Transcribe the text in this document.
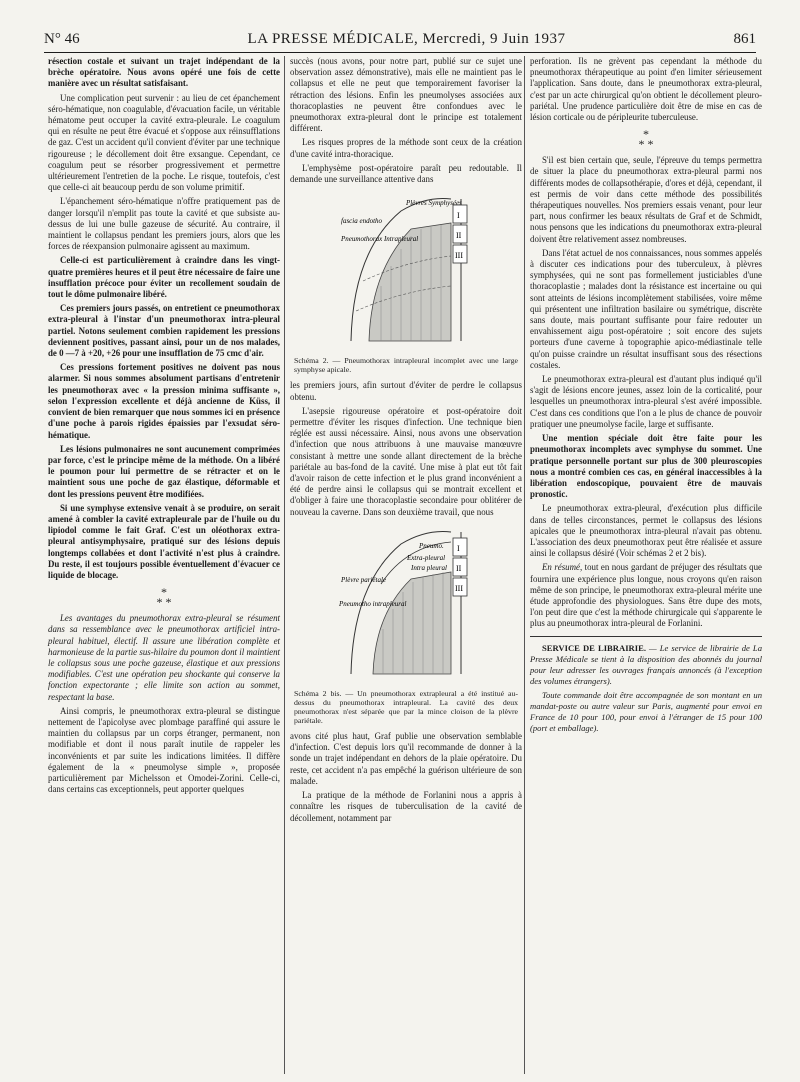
N° 46	LA PRESSE MÉDICALE, Mercredi, 9 Juin 1937	861

résection costale et suivant un trajet indépendant de la brèche opératoire. Nous avons opéré une fois de cette manière avec un résultat satisfaisant.

Une complication peut survenir : au lieu de cet épanchement séro-hématique, non coagulable, d'évacuation facile, un véritable hématome peut occuper la cavité extra-pleurale. Le coagulum qui en résulte ne peut être évacué et s'oppose aux réinsufflations de gaz. C'est un accident qu'il convient d'éviter par une technique rigoureuse ; le décollement doit être exsangue. Cependant, ce coagulum peut se résorber progressivement et permettre ultérieurement l'entretien de la poche. Le risque, toutefois, c'est que celle-ci ait beaucoup perdu de son volume primitif.

L'épanchement séro-hématique n'offre pratiquement pas de danger lorsqu'il n'emplit pas toute la cavité et que subsiste au-dessus de lui une bulle gazeuse de sécurité. Au contraire, il maintient le collapsus pendant les premiers jours, alors que les forces de réexpansion pulmonaire agissent au maximum.

Celle-ci est particulièrement à craindre dans les vingt-quatre premières heures et il peut être nécessaire de faire une insufflation précoce pour éviter un recollement soudain de tout le dôme pulmonaire libéré.

Ces premiers jours passés, on entretient ce pneumothorax extra-pleural à l'instar d'un pneumothorax intra-pleural partiel. Notons seulement combien rapidement les pressions deviennent positives, passant ainsi, pour un de nos malades, de 0 —7 à +20, +26 pour une insufflation de 75 cmc d'air.

Ces pressions fortement positives ne doivent pas nous alarmer. Si nous sommes absolument partisans d'entretenir les pneumothorax avec « la pression minima suffisante », selon l'expression excellente et déjà ancienne de Küss, il convient de bien remarquer que nous sommes ici en présence d'une poche à parois rigides épaissies par l'exsudat séro-hématique.

Les lésions pulmonaires ne sont aucunement comprimées par force, c'est le principe même de la méthode. On a libéré le poumon pour lui permettre de se rétracter et on le maintient sous une poche de gaz élastique, déformable et dont les pressions peuvent être modifiées.

Si une symphyse extensive venait à se produire, on serait amené à combler la cavité extrapleurale par de l'huile ou du lipiodol comme le fait Graf. C'est un oléothorax extra-pleural antisymphysaire, pratiqué sur des lésions depuis longtemps collabées et dont l'activité n'est plus à craindre. Du reste, il est toujours possible éventuellement d'évacuer ce liquide de blocage.

*
* *

Les avantages du pneumothorax extra-pleural se résument dans sa ressemblance avec le pneumothorax artificiel intra-pleural habituel, électif. Il assure une libération complète et harmonieuse de la partie sus-hilaire du poumon dont il maintient le collapsus sous une poche gazeuse, élastique et aux pressions modifiables. C'est une opération peu shockante qui conserve la fonction expectorante ; elle limite son action au sommet, respectant la base.

Ainsi compris, le pneumothorax extra-pleural se distingue nettement de l'apicolyse avec plombage paraffiné qui assure le maintien du collapsus par un corps étranger, permanent, non modifiable et dont il nous paraît inutile de rappeler les inconvénients et par suite les indications limitées. Il diffère également de la « pneumolyse simple », proposée particulièrement par Michelsson et Omodei-Zorini. Celle-ci, dans certains cas exceptionnels, peut apporter quelques

succès (nous avons, pour notre part, publié sur ce sujet une observation assez démonstrative), mais elle ne maintient pas le collapsus et elle ne peut que temporairement favoriser la rétraction des lésions. Enfin les pneumolyses associées aux thoracoplasties ne peuvent être confondues avec le pneumothorax extra-pleural dont le principe est totalement différent.

Les risques propres de la méthode sont ceux de la création d'une cavité intra-thoracique.

L'emphysème post-opératoire paraît peu redoutable. Il demande une surveillance attentive dans

I
II
III
Plèvres Symphysées
fascia endotho
Pneumothorax Intrapleural
Schéma 2. — Pneumothorax intrapleural incomplet avec une large symphyse apicale.

les premiers jours, afin surtout d'éviter de perdre le collapsus obtenu.

L'asepsie rigoureuse opératoire et post-opératoire doit permettre d'éviter les risques d'infection. Une technique bien réglée est aussi nécessaire. Ainsi, nous avons une observation d'infection que nous attribuons à une mauvaise manœuvre consistant à mettre une sonde allant directement de la brèche pariétale au bas-fond de la cavité. Une mise à plat eut tôt fait d'avoir raison de cette infection et le plus grand inconvénient a été de perdre ainsi le collapsus qui se montrait excellent et d'obliger à faire une thoracoplastie secondaire pour oblitérer de nouveau la caverne. Dans son deuxième travail, que nous

I
II
III
Pneumo.
Extra-pleural
Intra pleural
Plèvre pariétale
Pneumotho intrapleural
Schéma 2 bis. — Un pneumothorax extrapleural a été institué au-dessus du pneumothorax intrapleural. La cavité des deux pneumothorax n'est séparée que par la mince cloison de la plèvre pariétale.

avons cité plus haut, Graf publie une observation semblable d'infection. C'est depuis lors qu'il recommande de donner à la sonde un trajet indépendant en dehors de la plaie opératoire. Du reste, cet accident n'a pas empêché la guérison ultérieure de son malade.

La pratique de la méthode de Forlanini nous a appris à connaître les risques de tuberculisation de la cavité de décollement, notamment par

perforation. Ils ne grèvent pas cependant la méthode du pneumothorax thérapeutique au point d'en limiter sérieusement l'application. Sans doute, dans le pneumothorax extra-pleural, c'est par un acte chirurgical qu'on obtient le décollement pleuro-pariétal. Une prudence particulière doit être de mise en cas de lésion corticale ou de péripleurite tuberculeuse.

*
* *

S'il est bien certain que, seule, l'épreuve du temps permettra de situer la place du pneumothorax extra-pleural parmi nos différents modes de collapsothérapie, d'ores et déjà, cependant, il est permis de voir dans cette méthode des possibilités thérapeutiques nouvelles. Nos premiers essais venant, pour leur part, nous confirmer les beaux résultats de Graf et de Schmidt, nous pensons que les indications du pneumothorax extra-pleural doivent être relativement assez nombreuses.

Dans l'état actuel de nos connaissances, nous sommes appelés à discuter ces indications pour des tuberculeux, à plèvres symphysées, qui ne sont pas formellement justiciables d'une thoracoplastie ; malades dont la résistance est incertaine ou qui sont atteints de lésions incomplètement stabilisées, voire même qui présentent une infiltration basilaire ou symétrique, discrète sans doute, mais pourtant suffisante pour faire redouter un envahissement aigu post-opératoire ; soit encore des sujets porteurs d'une caverne à topographie apico-médiastinale telle qu'on puisse craindre un résultat insuffisant sous des résections costales.

Le pneumothorax extra-pleural est d'autant plus indiqué qu'il s'agit de lésions encore jeunes, assez loin de la corticalité, pour lesquelles un pneumothorax intra-pleural s'est avéré impossible. C'est dans ces conditions que l'on a le plus de chance de pouvoir pratiquer une pneumolyse facile, large et suffisante.

Une mention spéciale doit être faite pour les pneumothorax incomplets avec symphyse du sommet. Une pratique personnelle portant sur plus de 300 pleuroscopies nous a montré combien ces cas, en général inaccessibles à la libération endoscopique, pouvaient être de mauvais pronostic.

Le pneumothorax extra-pleural, d'exécution plus difficile dans de telles circonstances, permet le collapsus des lésions apicales que le pneumothorax intra-pleural n'avait pas obtenu. L'association des deux pneumothorax peut être réalisée et assure ainsi le collapsus désiré (Voir schémas 2 et 2 bis).

En résumé, tout en nous gardant de préjuger des résultats que fournira une expérience plus longue, nous croyons qu'en raison même de son principe, le pneumothorax extra-pleural mérite une étude approfondie des physiologues. Sans être dupe des mots, l'on peut dire que c'est la méthode chirurgicale qui s'apparente le plus au pneumothorax intra-pleural de Forlanini.

SERVICE DE LIBRAIRIE. — Le service de librairie de La Presse Médicale se tient à la disposition des abonnés du journal pour leur adresser les ouvrages français annoncés (à l'exception des volumes étrangers).

Toute commande doit être accompagnée de son montant en un mandat-poste ou autre valeur sur Paris, augmenté pour envoi en France de 10 pour 100, pour envoi à l'étranger de 15 pour 100 (port et emballage).
